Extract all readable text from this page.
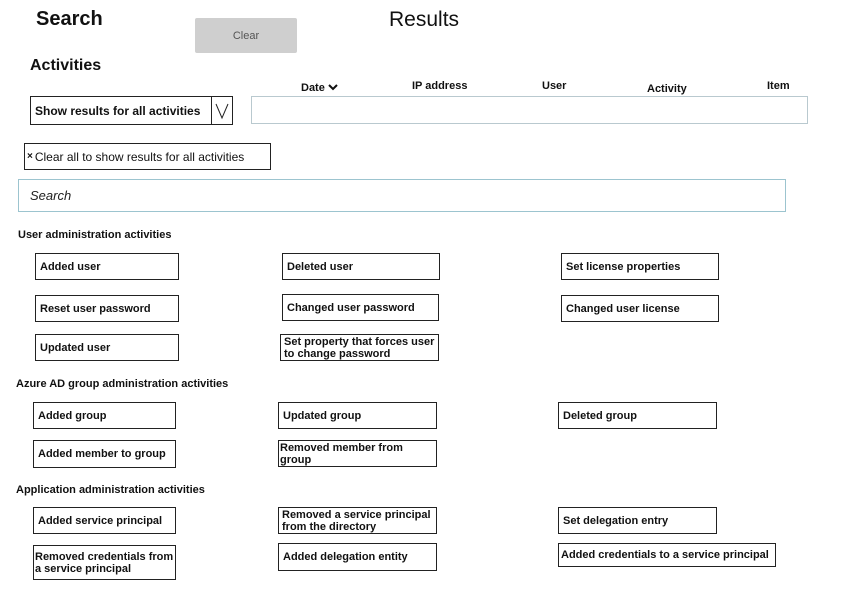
Search
Clear
Results
Activities
Date	IP address	User	Activity	Item
Show results for all activities
× Clear all to show results for all activities
Search
User administration activities
Added user	Deleted user	Set license properties
Reset user password	Changed user password	Changed user license
Updated user	Set property that forces user to change password
Azure AD group administration activities
Added group	Updated group	Deleted group
Added member to group
Removed member from group
Application administration activities
Added service principal	Removed a service principal from the directory	Set delegation entry
Removed credentials from a service principal
Added delegation entity	Added credentials to a service principal
